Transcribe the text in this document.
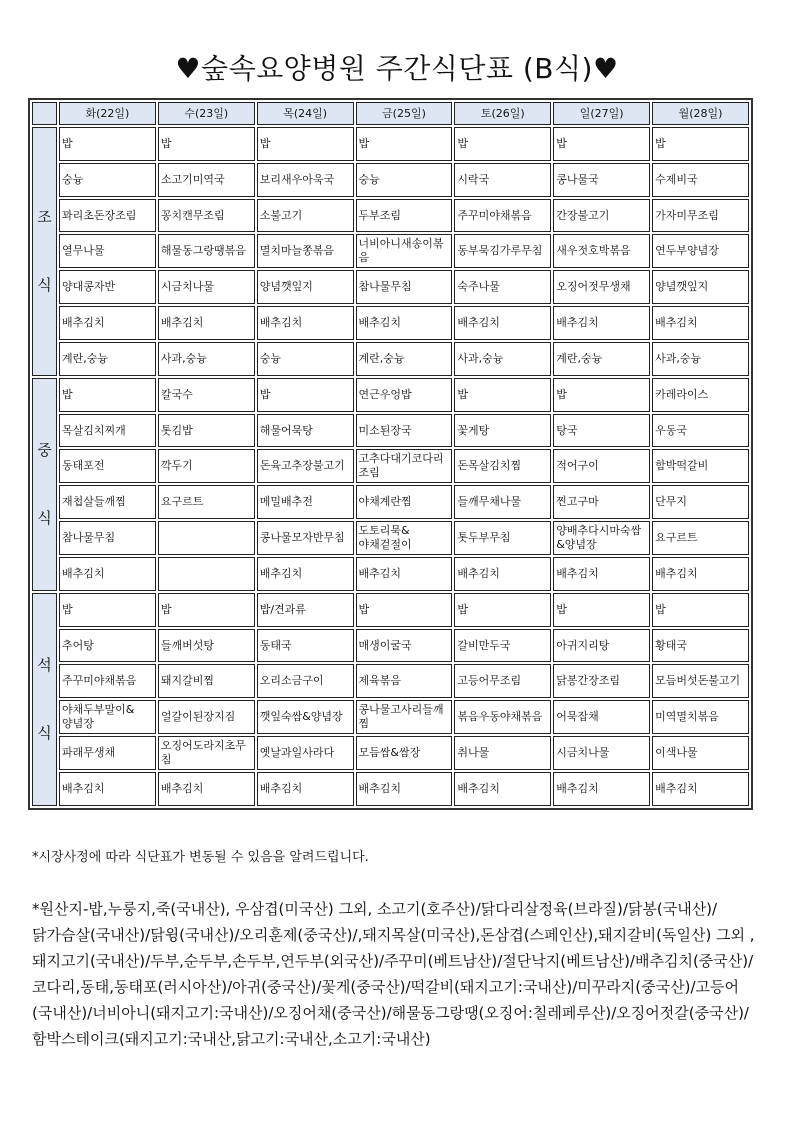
♥숲속요양병원 주간식단표 (B식)♥
	화(22일)	수(23일)	목(24일)	금(25일)	토(26일)	일(27일)	월(28일)
조

식	밥	밥	밥	밥	밥	밥	밥
	숭늉	소고기미역국	보리새우아욱국	숭늉	시락국	콩나물국	수제비국
	꽈리초돈장조림	꽁치캔무조림	소불고기	두부조림	주꾸미야채볶음	간장불고기	가자미무조림
	열무나물	해물동그랑땡볶음	멸치마늘쫑볶음	너비아니새송이볶음	동부묵김가루무침	새우젓호박볶음	연두부양념장
	양대콩자반	시금치나물	양념깻잎지	참나물무침	숙주나물	오징어젓무생채	양념깻잎지
	배추김치	배추김치	배추김치	배추김치	배추김치	배추김치	배추김치
	계란,숭늉	사과,숭늉	숭늉	계란,숭늉	사과,숭늉	계란,숭늉	사과,숭늉
중

식	밥	칼국수	밥	연근우엉밥	밥	밥	카레라이스
	목살김치찌개	톳김밥	해물어묵탕	미소된장국	꽃게탕	탕국	우동국
	동태포전	깍두기	돈육고추장불고기	고추다대기코다리조림	돈목살김치찜	적어구이	함박떡갈비
	재첩살들깨찜	요구르트	메밀배추전	야채계란찜	들깨무채나물	찐고구마	단무지
	참나물무침		콩나물모자반무침	도토리묵&야채겉절이	톳두부무침	양배추다시마숙쌈&양념장	요구르트
	배추김치		배추김치	배추김치	배추김치	배추김치	배추김치
석

식	밥	밥	밥/견과류	밥	밥	밥	밥
	추어탕	들깨버섯탕	동태국	매생이굴국	갈비만두국	아귀지리탕	황태국
	주꾸미야채볶음	돼지갈비찜	오리소금구이	제육볶음	고등어무조림	닭봉간장조림	모듬버섯돈불고기
	야채두부말이&양념장	얼갈이된장지짐	깻잎숙쌈&양념장	콩나물고사리들깨찜	볶음우동야채볶음	어묵잡채	미역멸치볶음
	파래무생채	오징어도라지초무침	옛날과일사라다	모듬쌈&쌈장	취나물	시금치나물	이색나물
	배추김치	배추김치	배추김치	배추김치	배추김치	배추김치	배추김치
*시장사정에 따라 식단표가 변동될 수 있음을 알려드립니다.
*원산지-밥,누룽지,죽(국내산), 우삼겹(미국산) 그외, 소고기(호주산)/닭다리살정육(브라질)/닭봉(국내산)/닭가슴살(국내산)/닭윙(국내산)/오리훈제(중국산)/,돼지목살(미국산),돈삼겹(스페인산),돼지갈비(독일산) 그외 ,돼지고기(국내산)/두부,순두부,손두부,연두부(외국산)/주꾸미(베트남산)/절단낙지(베트남산)/배추김치(중국산)/코다리,동태,동태포(러시아산)/아귀(중국산)/꽃게(중국산)/떡갈비(돼지고기:국내산)/미꾸라지(중국산)/고등어(국내산)/너비아니(돼지고기:국내산)/오징어채(중국산)/해물동그랑땡(오징어:칠레페루산)/오징어젓갈(중국산)/함박스테이크(돼지고기:국내산,닭고기:국내산,소고기:국내산)
